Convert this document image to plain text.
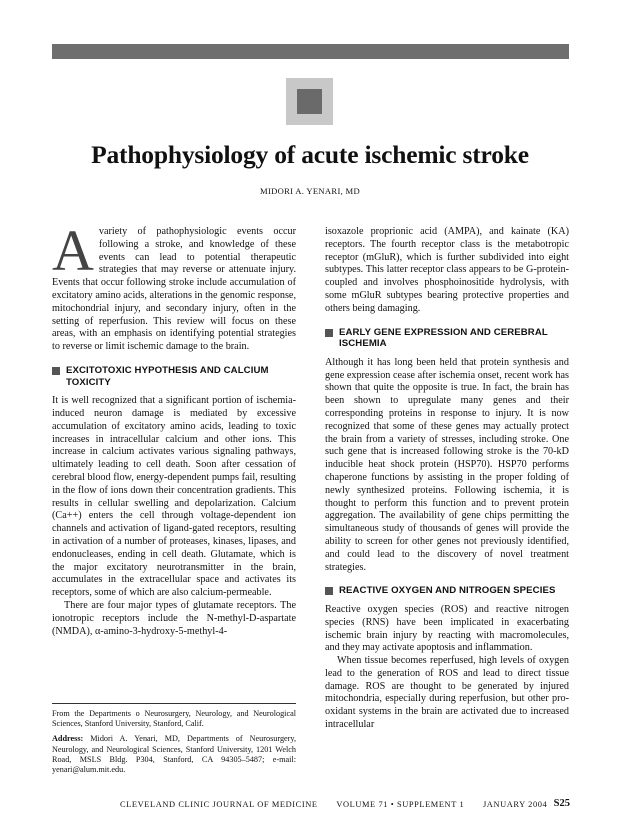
Pathophysiology of acute ischemic stroke

MIDORI A. YENARI, MD

Avariety of pathophysiologic events occur following a stroke, and knowledge of these events can lead to potential therapeutic strategies that may reverse or attenuate injury. Events that occur following stroke include accumulation of excitatory amino acids, alterations in the genomic response, mitochondrial injury, and secondary injury, often in the setting of reperfusion. This review will focus on these areas, with an emphasis on identifying potential strategies to reverse or limit ischemic damage to the brain.

EXCITOTOXIC HYPOTHESIS AND CALCIUM TOXICITY

It is well recognized that a significant portion of ischemia-induced neuron damage is mediated by excessive accumulation of excitatory amino acids, leading to toxic increases in intracellular calcium and other ions. This increase in calcium activates various signaling pathways, ultimately leading to cell death. Soon after cessation of cerebral blood flow, energy-dependent pumps fail, resulting in the flow of ions down their concentration gradients. This results in cellular swelling and depolarization. Calcium (Ca++) enters the cell through voltage-dependent ion channels and activation of ligand-gated receptors, resulting in activation of a number of proteases, kinases, lipases, and endonucleases, ending in cell death. Glutamate, which is the major excitatory neurotransmitter in the brain, accumulates in the extracellular space and activates its receptors, some of which are also calcium-permeable.

There are four major types of glutamate receptors. The ionotropic receptors include the N-methyl-D-aspartate (NMDA), α-amino-3-hydroxy-5-methyl-4-

isoxazole proprionic acid (AMPA), and kainate (KA) receptors. The fourth receptor class is the metabotropic receptor (mGluR), which is further subdivided into eight subtypes. This latter receptor class appears to be G-protein-coupled and involves phosphoinositide hydrolysis, with some mGluR subtypes bearing protective properties and others being damaging.

EARLY GENE EXPRESSION AND CEREBRAL ISCHEMIA

Although it has long been held that protein synthesis and gene expression cease after ischemia onset, recent work has shown that quite the opposite is true. In fact, the brain has been shown to upregulate many genes and their corresponding proteins in response to injury. It is now recognized that some of these genes may actually protect the brain from a variety of stresses, including stroke. One such gene that is increased following stroke is the 70-kD inducible heat shock protein (HSP70). HSP70 performs chaperone functions by assisting in the proper folding of newly synthesized proteins. Following ischemia, it is thought to perform this function and to prevent protein aggregation. The availability of gene chips permitting the simultaneous study of thousands of genes will provide the ability to screen for other genes not previously identified, and could lead to the discovery of novel treatment strategies.

REACTIVE OXYGEN AND NITROGEN SPECIES

Reactive oxygen species (ROS) and reactive nitrogen species (RNS) have been implicated in exacerbating ischemic brain injury by reacting with macromolecules, and they may activate apoptosis and inflammation.

When tissue becomes reperfused, high levels of oxygen lead to the generation of ROS and lead to direct tissue damage. ROS are thought to be generated by injured mitochondria, especially during reperfusion, but other pro-oxidant systems in the brain are activated due to increased intracellular

From the Departments o Neurosurgery, Neurology, and Neurological Sciences, Stanford University, Stanford, Calif.

Address: Midori A. Yenari, MD, Departments of Neurosurgery, Neurology, and Neurological Sciences, Stanford University, 1201 Welch Road, MSLS Bldg. P304, Stanford, CA 94305–5487; e-mail: yenari@alum.mit.edu.

CLEVELAND CLINIC JOURNAL OF MEDICINE VOLUME 71 • SUPPLEMENT 1 JANUARY 2004 S25
